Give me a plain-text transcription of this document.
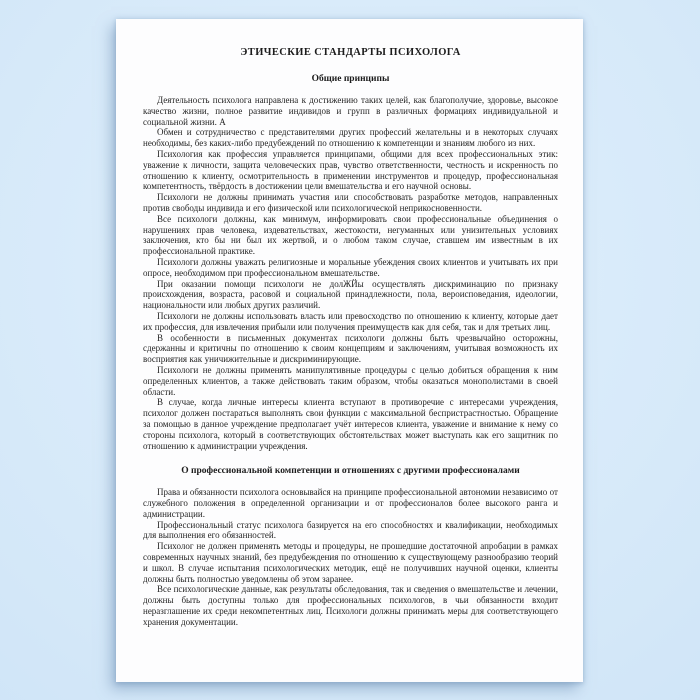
ЭТИЧЕСКИЕ СТАНДАРТЫ ПСИХОЛОГА
Общие принципы

Деятельность психолога направлена к достижению таких целей, как благополучие, здоровье, высокое качество жизни, полное развитие индивидов и групп в различных формациях индивидуальной и социальной жизни. А

Обмен и сотрудничество с представителями других профессий желательны и в некоторых случаях необходимы, без каких-либо предубеждений по отношению к компетенции и знаниям любого из них.

Психология как профессия управляется принципами, общими для всех профессиональных этик: уважение к личности, защита человеческих прав, чувство ответственности, честность и искренность по отношению к клиенту, осмотрительность в применении инструментов и процедур, профессиональная компетентность, твёрдость в достижении цели вмешательства и его научной основы.

Психологи не должны принимать участия или способствовать разработке методов, направленных против свободы индивида и его физической или психологической неприкосновенности.

Все психологи должны, как минимум, информировать свои профессиональные объединения о нарушениях прав человека, издевательствах, жестокости, негуманных или унизительных условиях заключения, кто бы ни был их жертвой, и о любом таком случае, ставшем им известным в их профессиональной практике.

Психологи должны уважать религиозные и моральные убеждения своих клиентов и учитывать их при опросе, необходимом при профессиональном вмешательстве.

При оказании помощи психологи не долЖЙы осуществлять дискриминацию по признаку происхождения, возраста, расовой и социальной принадлежности, пола, вероисповедания, идеологии, национальности или любых других различий.

Психологи не должны использовать власть или превосходство по отношению к клиенту, которые дает их профессия, для извлечения прибыли или получения преимуществ как для себя, так и для третьих лиц.

В особенности в письменных документах психологи должны быть чрезвычайно осторожны, сдержанны и критичны по отношению к своим концепциям и заключениям, учитывая возможность их восприятия как уничижительные и дискриминирующие.

Психологи не должны применять манипулятивные процедуры с целью добиться обращения к ним определенных клиентов, а также действовать таким образом, чтобы оказаться монополистами в своей области.

В случае, когда личные интересы клиента вступают в противоречие с интересами учреждения, психолог должен постараться выполнять свои функции с максимальной беспристрастностью. Обращение за помощью в данное учреждение предполагает учёт интересов клиента, уважение и внимание к нему со стороны психолога, который в соответствующих обстоятельствах может выступать как его защитник по отношению к администрации учреждения.

О профессиональной компетенции и отношениях с другими профессионалами

Права и обязанности психолога основывайся на принципе профессиональной автономии независимо от служебного положения в определенной организации и от профессионалов более высокого ранга и администрации.

Профессиональный статус психолога базируется на его способностях и квалификации, необходимых для выполнения его обязанностей.

Психолог не должен применять методы и процедуры, не прошедшие достаточной апробации в рамках современных научных знаний, без предубеждения по отношению к существующему разнообразию теорий и школ. В случае испытания психологических методик, ещё не получивших научной оценки, клиенты должны быть полностью уведомлены об этом заранее.

Все психологические данные, как результаты обследования, так и сведения о вмешательстве и лечении, должны быть доступны только для профессиональных психологов, в чьи обязанности входит неразглашение их среди некомпетентных лиц. Психологи должны принимать меры для соответствующего хранения документации.
